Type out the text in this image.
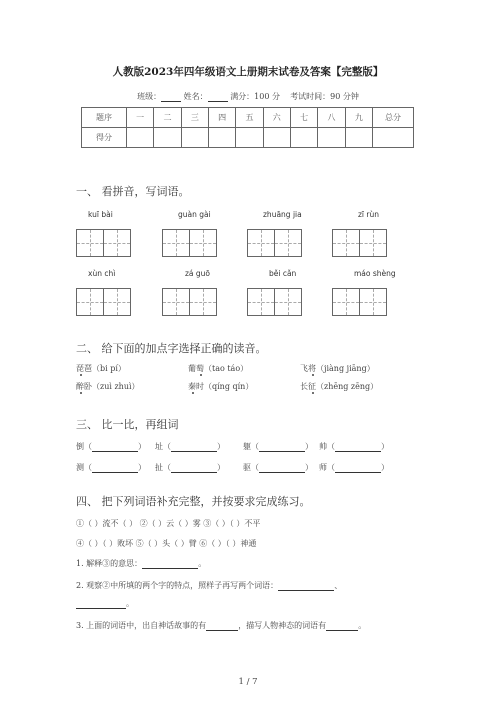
人教版2023年四年级语文上册期末试卷及答案【完整版】
班级：	姓名：	满分：100 分 考试时间：90 分钟
题序	一	二	三	四	五	六	七	八	九	总分
得分										
一、 看拼音，写词语。
kuī bài	guàn gài	zhuāng jia	zī rùn
xùn chì	zá guō	běi cǎn	máo shèng
二、 给下面的加点字选择正确的读音。
琵琶（bi pí）	葡萄（tao táo）	飞将（jiàng jiāng）
醉卧（zuì zhuì）	秦时（qíng qín）	长征（zhēng zēng）
三、 比一比，再组词
倒（	） 址（	） 躯（	） 帅（	）
测（	） 扯（	） 驱（	） 师（	）
四、 把下列词语补充完整，并按要求完成练习。
①（ ）流不（ ） ②（ ）云（ ）雾 ③（ ）（ ）不平
④（ ）（ ）败坏 ⑤（ ）头（ ）臂 ⑥（ ）（ ）神通
1. 解释③的意思：	。
2. 观察②中所填的两个字的特点，照样子再写两个词语：	、
。
3. 上面的词语中，出自神话故事的有	，描写人物神态的词语有	。
1 / 7
